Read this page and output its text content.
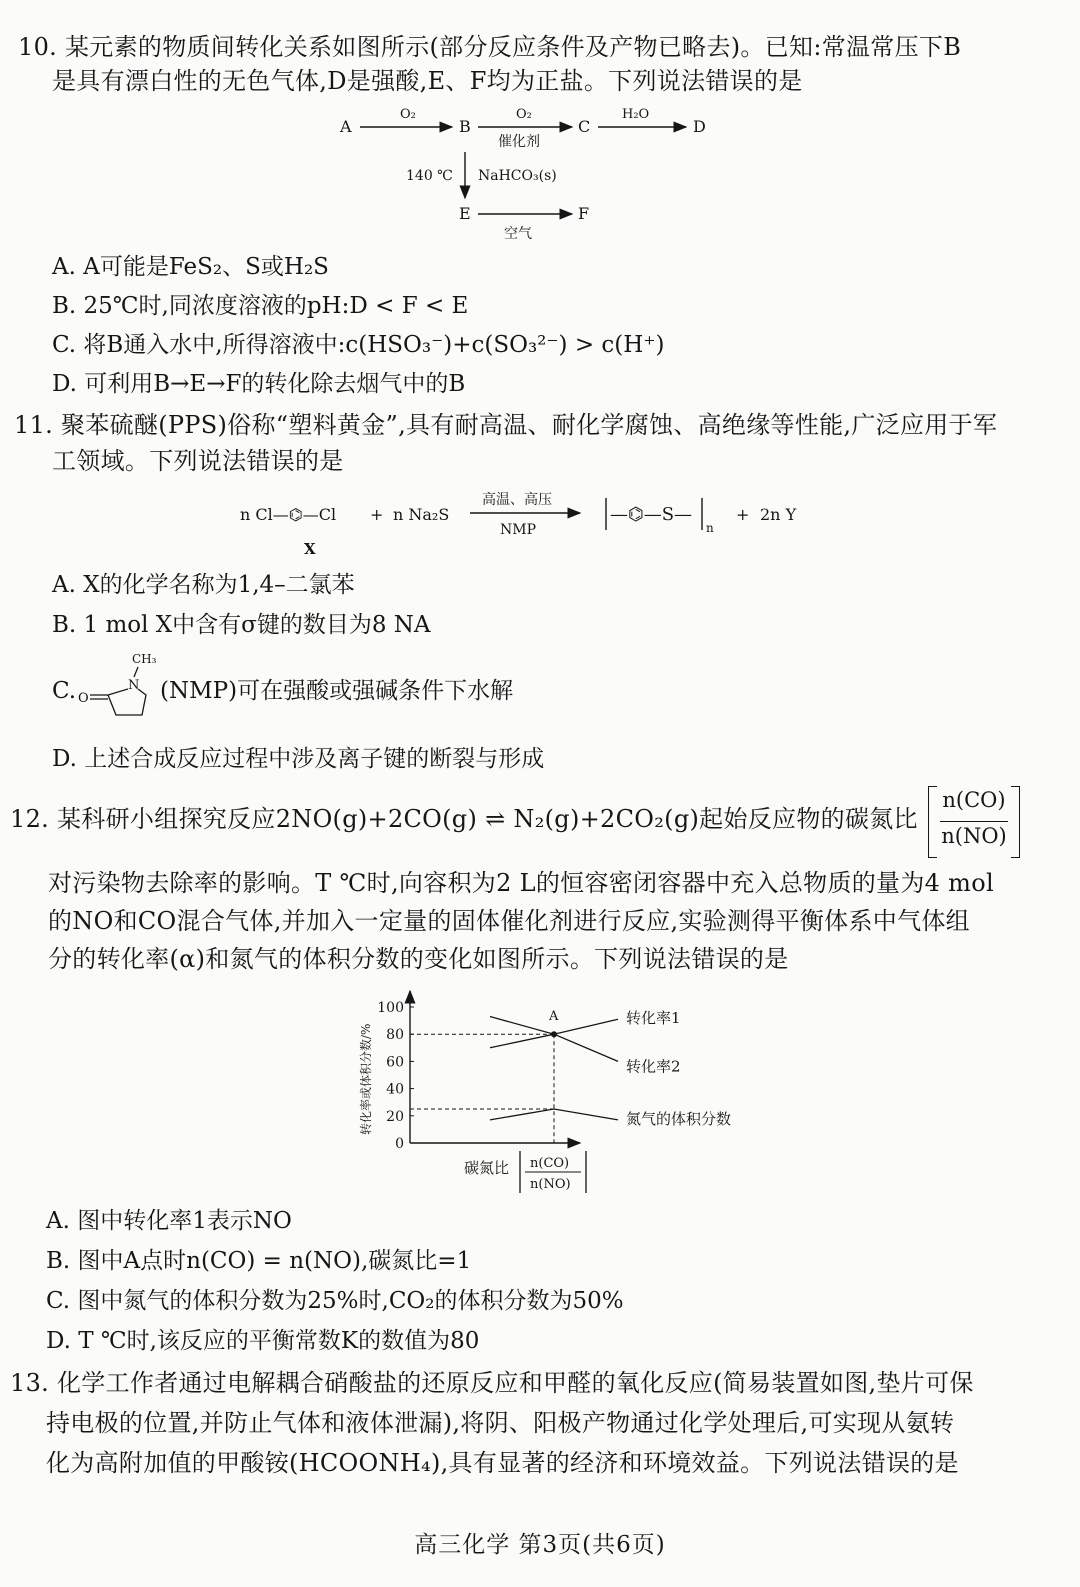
10. 某元素的物质间转化关系如图所示(部分反应条件及产物已略去)。已知:常温常压下B
是具有漂白性的无色气体,D是强酸,E、F均为正盐。下列说法错误的是
A
O₂
B
O₂
催化剂
C
H₂O
D
140 ℃ NaHCO₃(s)
E
空气
F
A. A可能是FeS₂、S或H₂S
B. 25℃时,同浓度溶液的pH:D < F < E
C. 将B通入水中,所得溶液中:c(HSO₃⁻)+c(SO₃²⁻) > c(H⁺)
D. 可利用B→E→F的转化除去烟气中的B
11. 聚苯硫醚(PPS)俗称“塑料黄金”,具有耐高温、耐化学腐蚀、高绝缘等性能,广泛应用于军
工领域。下列说法错误的是
n Cl—⌬—Cl
X
+ n Na₂S
高温、高压
NMP
—⌬—S—
n
+ 2n Y
A. X的化学名称为1,4–二氯苯
B. 1 mol X中含有σ键的数目为8 NA
C.
CH₃
N
O	(NMP)可在强酸或强碱条件下水解
D. 上述合成反应过程中涉及离子键的断裂与形成
12. 某科研小组探究反应2NO(g)+2CO(g) ⇌ N₂(g)+2CO₂(g)起始反应物的碳氮比
n(CO)
n(NO)
对污染物去除率的影响。T ℃时,向容积为2 L的恒容密闭容器中充入总物质的量为4 mol
的NO和CO混合气体,并加入一定量的固体催化剂进行反应,实验测得平衡体系中气体组
分的转化率(α)和氮气的体积分数的变化如图所示。下列说法错误的是
转化率或体积分数/%
100
80
60
40
20
0
转化率1
转化率2
氮气的体积分数
A
碳氮比 n(CO)
n(NO)
A. 图中转化率1表示NO
B. 图中A点时n(CO) = n(NO),碳氮比=1
C. 图中氮气的体积分数为25%时,CO₂的体积分数为50%
D. T ℃时,该反应的平衡常数K的数值为80
13. 化学工作者通过电解耦合硝酸盐的还原反应和甲醛的氧化反应(简易装置如图,垫片可保
持电极的位置,并防止气体和液体泄漏),将阴、阳极产物通过化学处理后,可实现从氨转
化为高附加值的甲酸铵(HCOONH₄),具有显著的经济和环境效益。下列说法错误的是
高三化学 第3页(共6页)
